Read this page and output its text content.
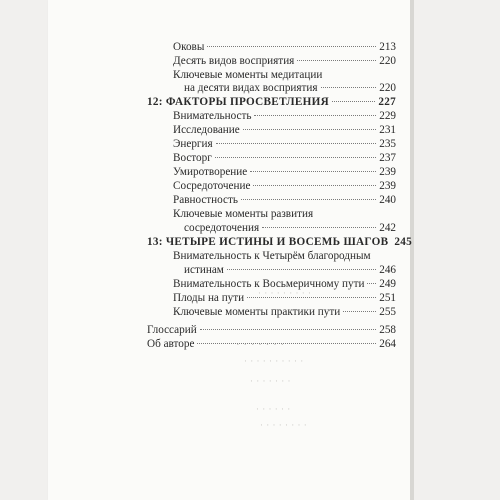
· · · · · · · · ·
· · · · · · ·
· · · · · · · · · ·
· · · · · · ·
· · · · · ·
· · · · · · · ·
Оковы	213
Десять видов восприятия	220
Ключевые моменты медитации
на десяти видах восприятия	220
12: ФАКТОРЫ ПРОСВЕТЛЕНИЯ	227
Внимательность	229
Исследование	231
Энергия	235
Восторг	237
Умиротворение	239
Сосредоточение	239
Равностность	240
Ключевые моменты развития
сосредоточения	242
13: ЧЕТЫРЕ ИСТИНЫ И ВОСЕМЬ ШАГОВ 245
Внимательность к Четырём благородным
истинам	246
Внимательность к Восьмеричному пути 249
Плоды на пути	251
Ключевые моменты практики пути	255
Глоссарий	258
Об авторе	264
